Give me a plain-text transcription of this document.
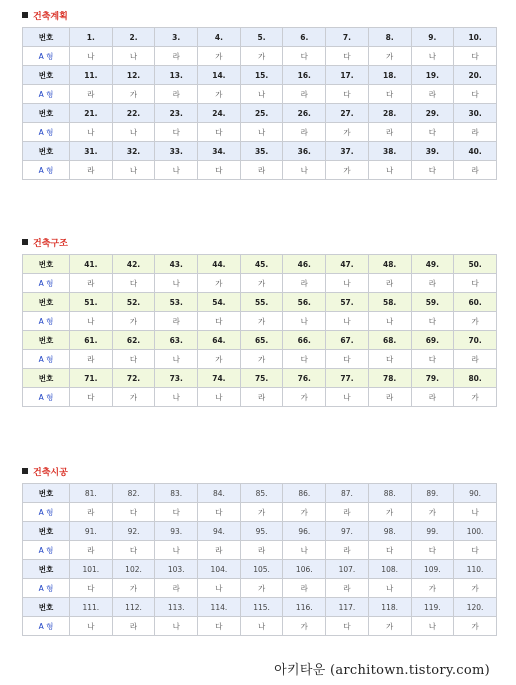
건축계획
번호	1.	2.	3.	4.	5.	6.	7.	8.	9.	10.
A 형	나	나	라	가	가	다	다	가	나	다
번호	11.	12.	13.	14.	15.	16.	17.	18.	19.	20.
A 형	라	가	라	가	나	라	다	다	라	다
번호	21.	22.	23.	24.	25.	26.	27.	28.	29.	30.
A 형	나	나	다	다	나	라	가	라	다	라
번호	31.	32.	33.	34.	35.	36.	37.	38.	39.	40.
A 형	라	나	나	다	라	나	가	나	다	라
건축구조
번호	41.	42.	43.	44.	45.	46.	47.	48.	49.	50.
A 형	라	다	나	가	가	라	나	라	라	다
번호	51.	52.	53.	54.	55.	56.	57.	58.	59.	60.
A 형	나	가	라	다	가	나	나	나	다	가
번호	61.	62.	63.	64.	65.	66.	67.	68.	69.	70.
A 형	라	다	나	가	가	다	다	다	다	라
번호	71.	72.	73.	74.	75.	76.	77.	78.	79.	80.
A 형	다	가	나	나	라	가	나	라	라	가
건축시공
번호	81.	82.	83.	84.	85.	86.	87.	88.	89.	90.
A 형	라	다	다	다	가	가	라	가	가	나
번호	91.	92.	93.	94.	95.	96.	97.	98.	99.	100.
A 형	라	다	나	라	라	나	라	다	다	다
번호	101.	102.	103.	104.	105.	106.	107.	108.	109.	110.
A 형	다	가	라	나	가	라	라	나	가	가
번호	111.	112.	113.	114.	115.	116.	117.	118.	119.	120.
A 형	나	라	나	다	나	가	다	가	나	가
아키타운 (architown.tistory.com)
